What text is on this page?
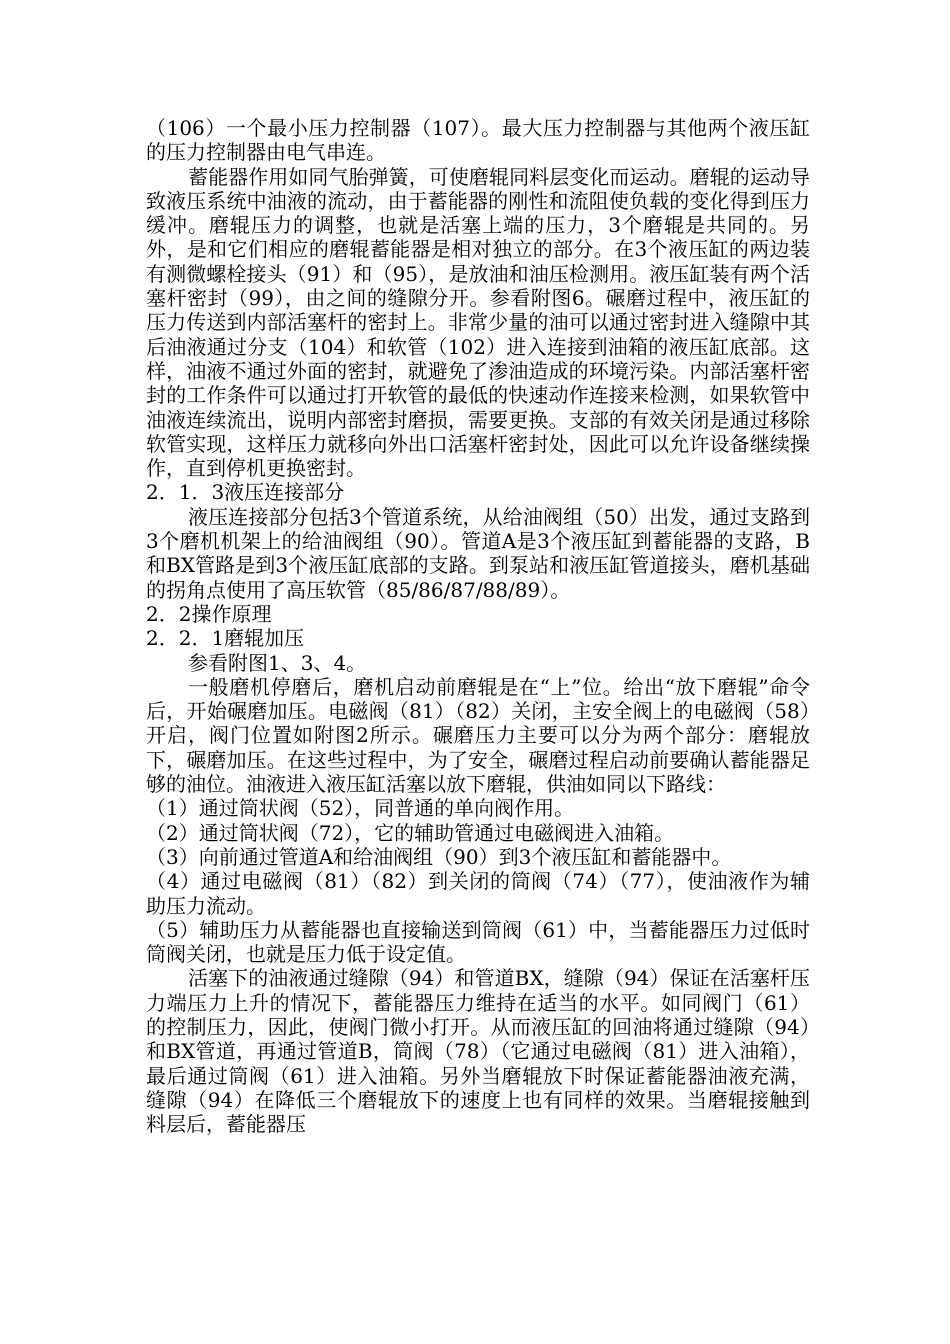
（106）一个最小压力控制器（107）。最大压力控制器与其他两个液压缸的压力控制器由电气串连。

蓄能器作用如同气胎弹簧，可使磨辊同料层变化而运动。磨辊的运动导致液压系统中油液的流动，由于蓄能器的刚性和流阻使负载的变化得到压力缓冲。磨辊压力的调整，也就是活塞上端的压力，3个磨辊是共同的。另外，是和它们相应的磨辊蓄能器是相对独立的部分。在3个液压缸的两边装有测微螺栓接头（91）和（95），是放油和油压检测用。液压缸装有两个活塞杆密封（99），由之间的缝隙分开。参看附图6。碾磨过程中，液压缸的压力传送到内部活塞杆的密封上。非常少量的油可以通过密封进入缝隙中其后油液通过分支（104）和软管（102）进入连接到油箱的液压缸底部。这样，油液不通过外面的密封，就避免了渗油造成的环境污染。内部活塞杆密封的工作条件可以通过打开软管的最低的快速动作连接来检测，如果软管中油液连续流出，说明内部密封磨损，需要更换。支部的有效关闭是通过移除软管实现，这样压力就移向外出口活塞杆密封处，因此可以允许设备继续操作，直到停机更换密封。

2．1．3液压连接部分

液压连接部分包括3个管道系统，从给油阀组（50）出发，通过支路到3个磨机机架上的给油阀组（90）。管道A是3个液压缸到蓄能器的支路，B和BX管路是到3个液压缸底部的支路。到泵站和液压缸管道接头，磨机基础的拐角点使用了高压软管（85/86/87/88/89）。

2．2操作原理

2．2．1磨辊加压

参看附图1、3、4。

一般磨机停磨后，磨机启动前磨辊是在“上”位。给出“放下磨辊”命令后，开始碾磨加压。电磁阀（81）（82）关闭，主安全阀上的电磁阀（58）开启，阀门位置如附图2所示。碾磨压力主要可以分为两个部分：磨辊放下，碾磨加压。在这些过程中，为了安全，碾磨过程启动前要确认蓄能器足够的油位。油液进入液压缸活塞以放下磨辊，供油如同以下路线：

（1）通过筒状阀（52），同普通的单向阀作用。

（2）通过筒状阀（72），它的辅助管通过电磁阀进入油箱。

（3）向前通过管道A和给油阀组（90）到3个液压缸和蓄能器中。

（4）通过电磁阀（81）（82）到关闭的筒阀（74）（77），使油液作为辅助压力流动。

（5）辅助压力从蓄能器也直接输送到筒阀（61）中，当蓄能器压力过低时筒阀关闭，也就是压力低于设定值。

活塞下的油液通过缝隙（94）和管道BX，缝隙（94）保证在活塞杆压力端压力上升的情况下，蓄能器压力维持在适当的水平。如同阀门（61）的控制压力，因此，使阀门微小打开。从而液压缸的回油将通过缝隙（94）和BX管道，再通过管道B，筒阀（78）（它通过电磁阀（81）进入油箱），最后通过筒阀（61）进入油箱。另外当磨辊放下时保证蓄能器油液充满，缝隙（94）在降低三个磨辊放下的速度上也有同样的效果。当磨辊接触到料层后，蓄能器压
